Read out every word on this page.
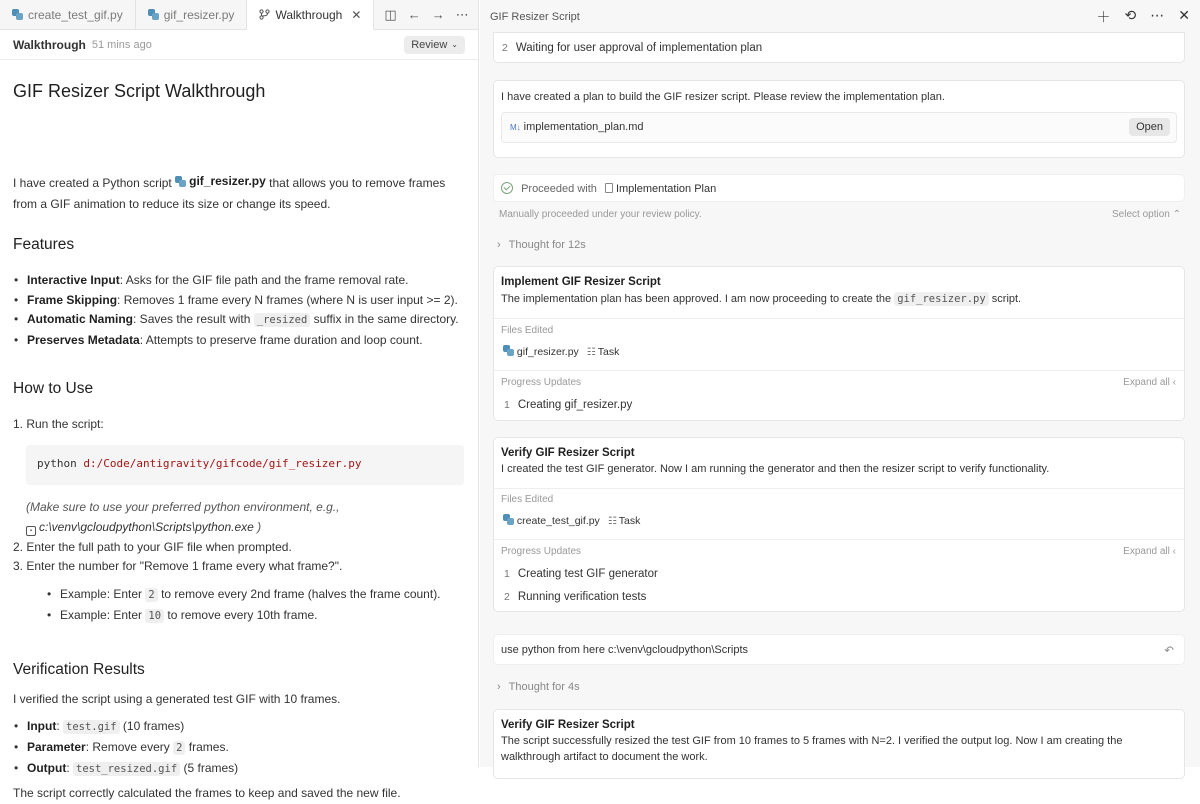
create_test_gif.py	gif_resizer.py	Walkthrough ✕ ◫ ← → ⋯
Walkthrough 51 mins ago	Review ⌄
GIF Resizer Script Walkthrough
I have created a Python script gif_resizer.py that allows you to remove frames
from a GIF animation to reduce its size or change its speed.
Features
• Interactive Input: Asks for the GIF file path and the frame removal rate.
• Frame Skipping: Removes 1 frame every N frames (where N is user input >= 2).
• Automatic Naming: Saves the result with _resized suffix in the same directory.
• Preserves Metadata: Attempts to preserve frame duration and loop count.
How to Use
1. Run the script:
python d:/Code/antigravity/gifcode/gif_resizer.py
(Make sure to use your preferred python environment, e.g.,
▪ c:\venv\gcloudpython\Scripts\python.exe )
2. Enter the full path to your GIF file when prompted.
3. Enter the number for "Remove 1 frame every what frame?".
• Example: Enter 2 to remove every 2nd frame (halves the frame count).
• Example: Enter 10 to remove every 10th frame.
Verification Results
I verified the script using a generated test GIF with 10 frames.
• Input: test.gif (10 frames)
• Parameter: Remove every 2 frames.
• Output: test_resized.gif (5 frames)
The script correctly calculated the frames to keep and saved the new file.
GIF Resizer Script	＋ ⟲ ⋯ ✕
2 Waiting for user approval of implementation plan
I have created a plan to build the GIF resizer script. Please review the implementation plan.
M↓ implementation_plan.md	Open
Proceeded with Implementation Plan
Manually proceeded under your review policy.	Select option ⌃
› Thought for 12s
Implement GIF Resizer Script
The implementation plan has been approved. I am now proceeding to create the gif_resizer.py script.
Files Edited
gif_resizer.py ☷ Task
Progress Updates	Expand all ‹
1 Creating gif_resizer.py
Verify GIF Resizer Script
I created the test GIF generator. Now I am running the generator and then the resizer script to verify functionality.
Files Edited
create_test_gif.py ☷ Task
Progress Updates	Expand all ‹
1 Creating test GIF generator
2 Running verification tests
use python from here c:\venv\gcloudpython\Scripts	↶
› Thought for 4s
Verify GIF Resizer Script
The script successfully resized the test GIF from 10 frames to 5 frames with N=2. I verified the output log. Now I am creating the
walkthrough artifact to document the work.
